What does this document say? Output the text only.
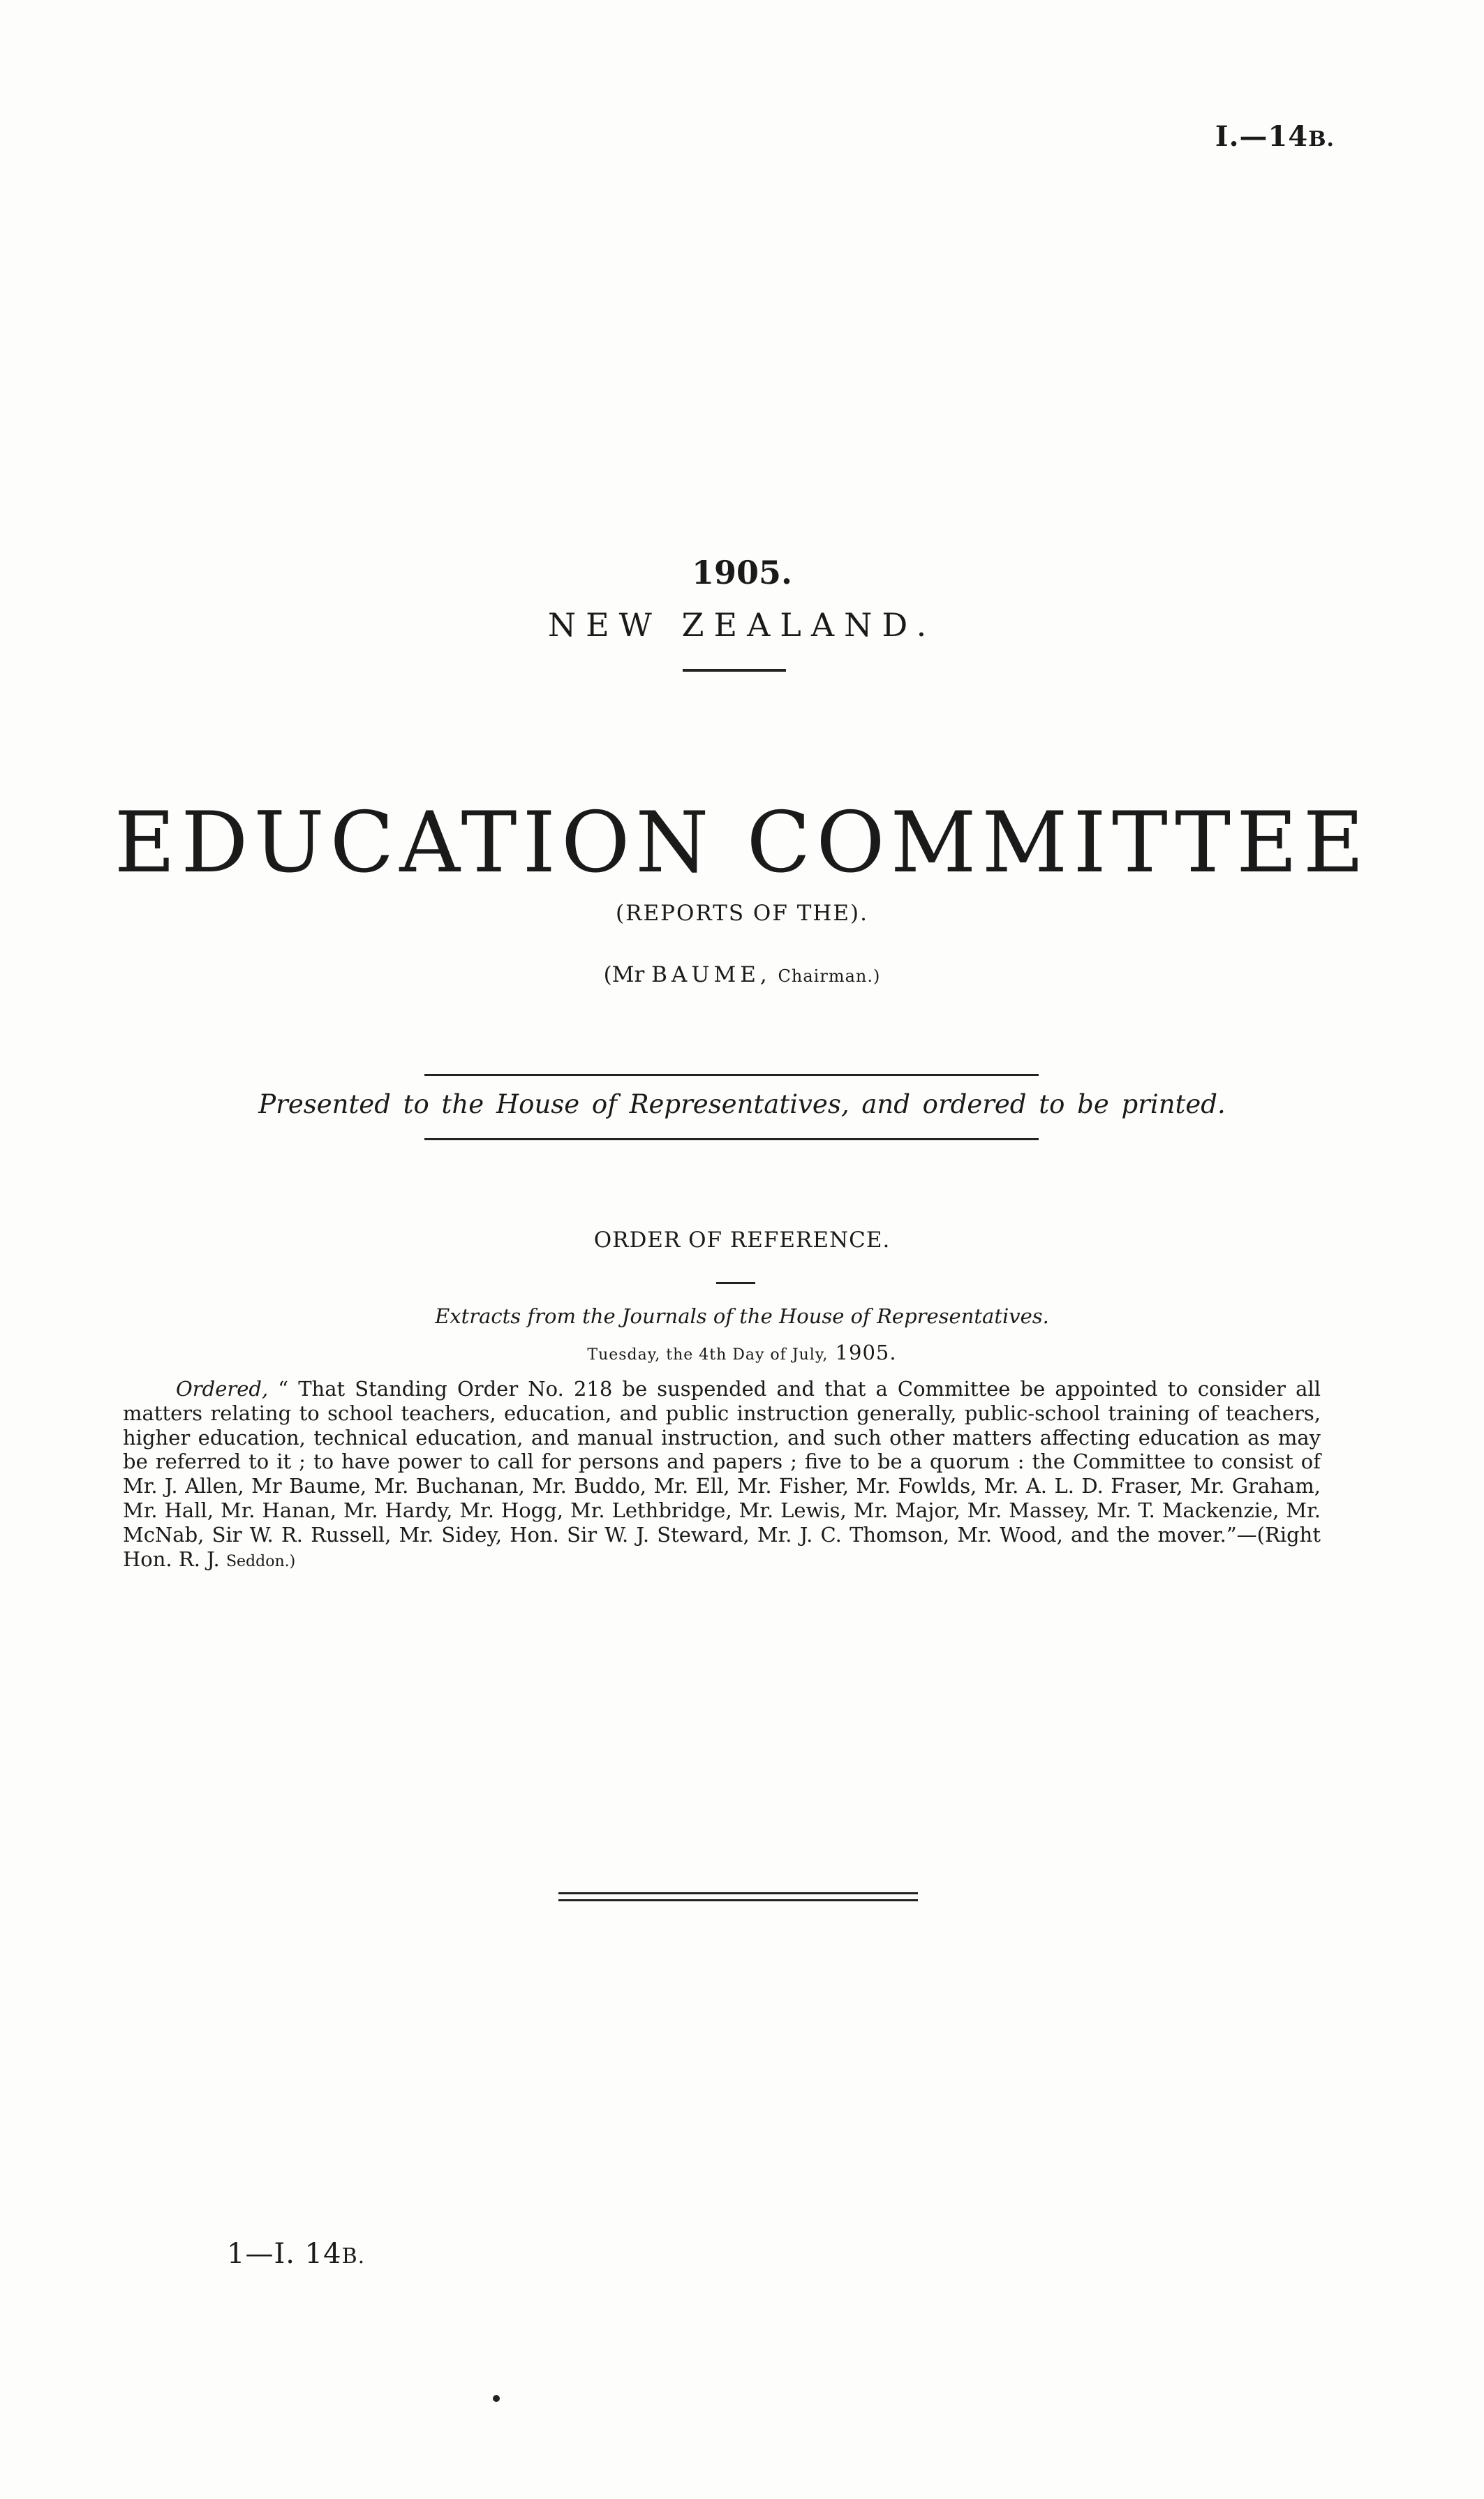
I.—14B.
1905.
NEW ZEALAND.
EDUCATION COMMITTEE
(REPORTS OF THE).
(Mr BAUME, Chairman.)
Presented to the House of Representatives, and ordered to be printed.
ORDER OF REFERENCE.
Extracts from the Journals of the House of Representatives.
Tuesday, the 4th Day of July, 1905.
Ordered, “ That Standing Order No. 218 be suspended and that a Committee be appointed to consider all matters relating to school teachers, education, and public instruction generally, public-school training of teachers, higher education, technical education, and manual instruction, and such other matters affecting education as may be referred to it ; to have power to call for persons and papers ; five to be a quorum : the Committee to consist of Mr. J. Allen, Mr Baume, Mr. Buchanan, Mr. Buddo, Mr. Ell, Mr. Fisher, Mr. Fowlds, Mr. A. L. D. Fraser, Mr. Graham, Mr. Hall, Mr. Hanan, Mr. Hardy, Mr. Hogg, Mr. Lethbridge, Mr. Lewis, Mr. Major, Mr. Massey, Mr. T. Mackenzie, Mr. McNab, Sir W. R. Russell, Mr. Sidey, Hon. Sir W. J. Steward, Mr. J. C. Thomson, Mr. Wood, and the mover.”—(Right Hon. R. J. Seddon.)
1—I. 14B.
